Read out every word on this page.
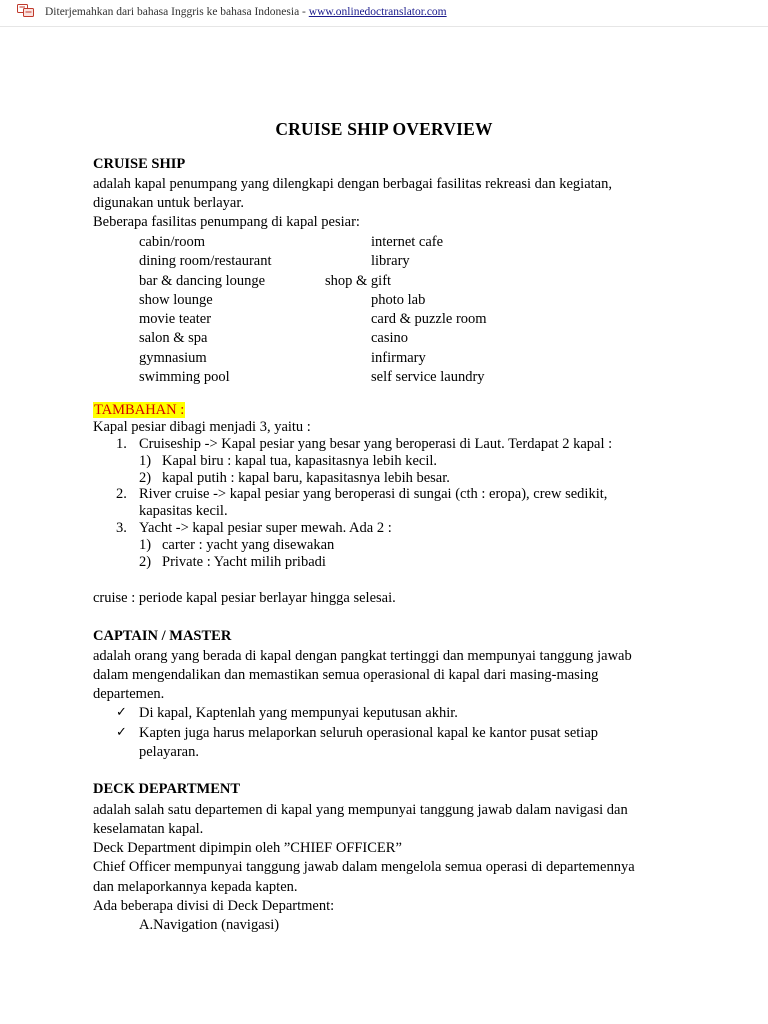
Diterjemahkan dari bahasa Inggris ke bahasa Indonesia - www.onlinedoctranslator.com
CRUISE SHIP OVERVIEW
CRUISE SHIP
adalah kapal penumpang yang dilengkapi dengan berbagai fasilitas rekreasi dan kegiatan,
digunakan untuk berlayar.
Beberapa fasilitas penumpang di kapal pesiar:
cabin/room	internet cafe
dining room/restaurant	library
bar & dancing lounge	shop & gift
show lounge	photo lab
movie teater	card & puzzle room
salon & spa	casino
gymnasium	infirmary
swimming pool	self service laundry
TAMBAHAN :
Kapal pesiar dibagi menjadi 3, yaitu :
1. Cruiseship -> Kapal pesiar yang besar yang beroperasi di Laut. Terdapat 2 kapal :
1) Kapal biru : kapal tua, kapasitasnya lebih kecil.
2) kapal putih : kapal baru, kapasitasnya lebih besar.
2. River cruise -> kapal pesiar yang beroperasi di sungai (cth : eropa), crew sedikit,
kapasitas kecil.
3. Yacht -> kapal pesiar super mewah. Ada 2 :
1) carter : yacht yang disewakan
2) Private : Yacht milih pribadi
cruise : periode kapal pesiar berlayar hingga selesai.
CAPTAIN / MASTER
adalah orang yang berada di kapal dengan pangkat tertinggi dan mempunyai tanggung jawab
dalam mengendalikan dan memastikan semua operasional di kapal dari masing-masing
departemen.
✓ Di kapal, Kaptenlah yang mempunyai keputusan akhir.
✓ Kapten juga harus melaporkan seluruh operasional kapal ke kantor pusat setiap
pelayaran.
DECK DEPARTMENT
adalah salah satu departemen di kapal yang mempunyai tanggung jawab dalam navigasi dan
keselamatan kapal.
Deck Department dipimpin oleh ”CHIEF OFFICER”
Chief Officer mempunyai tanggung jawab dalam mengelola semua operasi di departemennya
dan melaporkannya kepada kapten.
Ada beberapa divisi di Deck Department:
A.Navigation (navigasi)
